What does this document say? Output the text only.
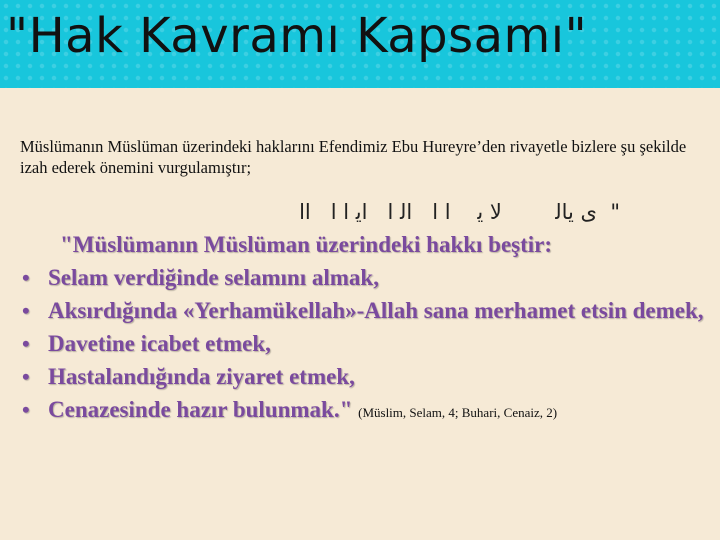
"Hak Kavramı Kapsamı"
Müslümanın Müslüman üzerindeki haklarını Efendimiz Ebu Hureyre’den rivayetle bizlere şu şekilde izah ederek önemini vurgulamıştır;
"  ى ﻳﺎﻟ        ﻻ ﻳ    ﺍ ﺍ   ﺍﻟ ﺍ   ﺍﻳ ﺍ ﺍ   ﺍﺍ
"Müslümanın Müslüman üzerindeki hakkı beştir:
• Selam verdiğinde selamını almak,
• Aksırdığında «Yerhamükellah»-Allah sana merhamet etsin demek,
• Davetine icabet etmek,
• Hastalandığında ziyaret etmek,
• Cenazesinde hazır bulunmak." (Müslim, Selam, 4; Buhari, Cenaiz, 2)
